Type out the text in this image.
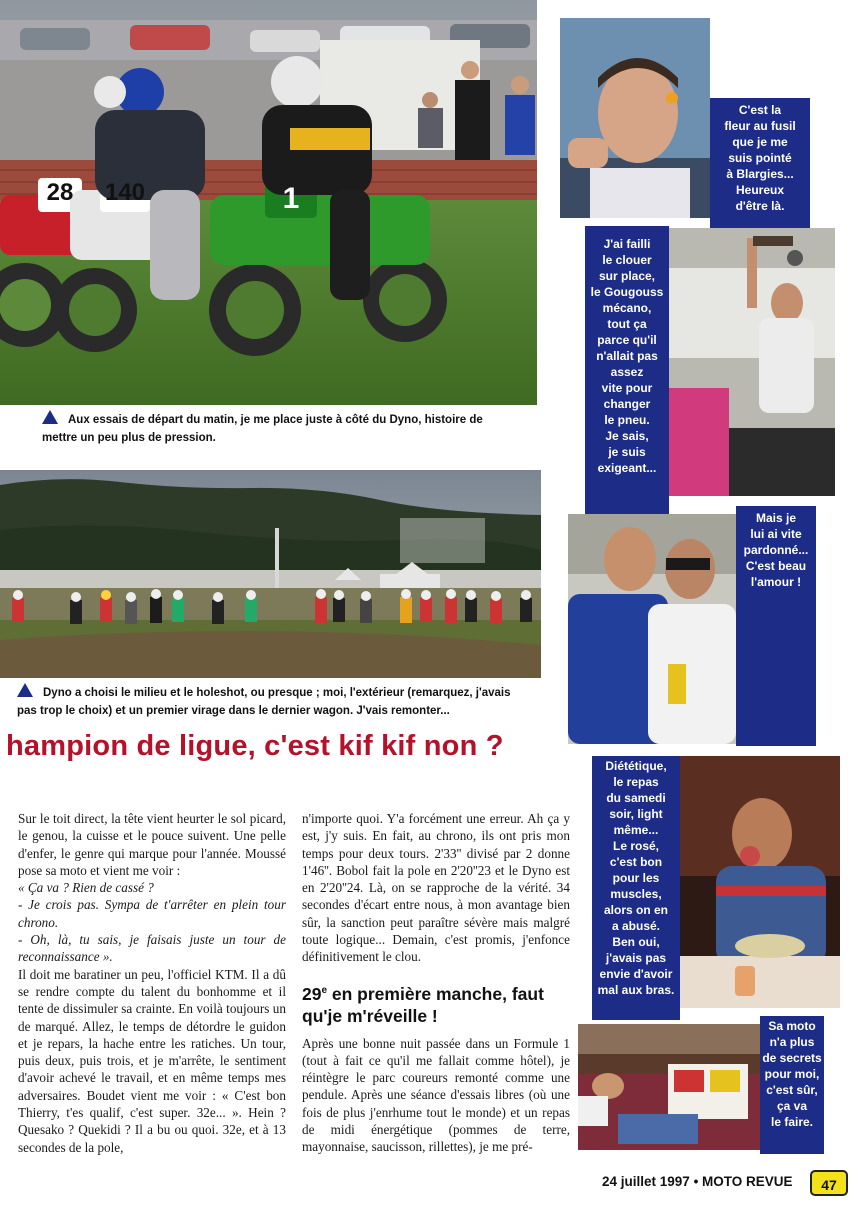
28 140	1
Aux essais de départ du matin, je me place juste à côté du Dyno, histoire de mettre un peu plus de pression.
Dyno a choisi le milieu et le holeshot, ou presque ; moi, l'extérieur (remarquez, j'avais pas trop le choix) et un premier virage dans le dernier wagon. J'vais remonter...
hampion de ligue, c'est kif kif non ?

Sur le toit direct, la tête vient heurter le sol picard, le genou, la cuisse et le pouce suivent. Une pelle d'enfer, le genre qui marque pour l'année. Moussé pose sa moto et vient me voir :

« Ça va ? Rien de cassé ?

- Je crois pas. Sympa de t'arrêter en plein tour chrono.

- Oh, là, tu sais, je faisais juste un tour de reconnaissance ».

Il doit me baratiner un peu, l'officiel KTM. Il a dû se rendre compte du talent du bonhomme et il tente de dissimuler sa crainte. En voilà toujours un de marqué. Allez, le temps de détordre le guidon et je repars, la hache entre les ratiches. Un tour, puis deux, puis trois, et je m'arrête, le sentiment d'avoir achevé le travail, et en même temps mes adversaires. Boudet vient me voir : « C'est bon Thierry, t'es qualif, c'est super. 32e... ». Hein ? Quesako ? Quekidi ? Il a bu ou quoi. 32e, et à 13 secondes de la pole,

n'importe quoi. Y'a forcément une erreur. Ah ça y est, j'y suis. En fait, au chrono, ils ont pris mon temps pour deux tours. 2'33'' divisé par 2 donne 1'46''. Bobol fait la pole en 2'20''23 et le Dyno est en 2'20''24. Là, on se rapproche de la vérité. 34 secondes d'écart entre nous, à mon avantage bien sûr, la sanction peut paraître sévère mais malgré toute logique... Demain, c'est promis, j'enfonce définitivement le clou.

29e en première manche, faut qu'je m'réveille !

Après une bonne nuit passée dans un Formule 1 (tout à fait ce qu'il me fallait comme hôtel), je réintègre le parc coureurs remonté comme une pendule. Après une séance d'essais libres (où une fois de plus j'enrhume tout le monde) et un repas de midi énergétique (pommes de terre, mayonnaise, saucisson, rillettes), je me pré-

C'est la
fleur au fusil
que je me
suis pointé
à Blargies...
Heureux
d'être là.
J'ai failli
le clouer
sur place,
le Gougouss
mécano,
tout ça
parce qu'il
n'allait pas
assez
vite pour
changer
le pneu.
Je sais,
je suis
exigeant...
Mais je
lui ai vite
pardonné...
C'est beau
l'amour !
Diététique,
le repas
du samedi
soir, light
même...
Le rosé,
c'est bon
pour les
muscles,
alors on en
a abusé.
Ben oui,
j'avais pas
envie d'avoir
mal aux bras.
Sa moto
n'a plus
de secrets
pour moi,
c'est sûr,
ça va
le faire.
24 juillet 1997 • MOTO REVUE	47
